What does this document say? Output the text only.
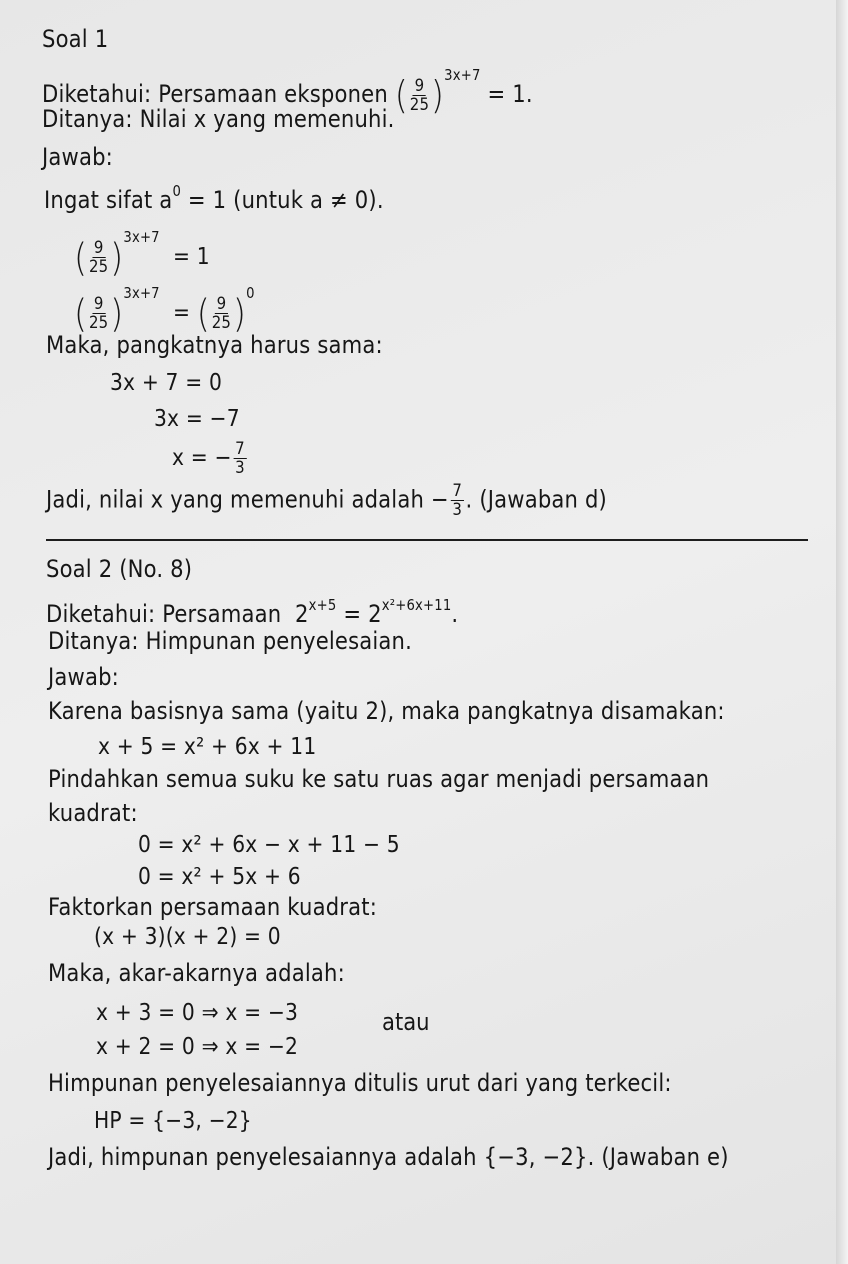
Soal 1
Diketahui: Persamaan eksponen ( $\frac{9}{25} )^{3x+7} = 1$.
Ditanya: Nilai x yang memenuhi.
Jawab:
Ingat sifat $a^0 = 1$ (untuk a ≠ 0).
( $\frac{9}{25} )^{3x+7} = 1$
( $\frac{9}{25} )^{3x+7}$  = ( $\frac{9}{25} )^0$
Maka, pangkatnya harus sama:
3x + 7 = 0
3x = −7
x = − $\frac{7}{3}$
Jadi, nilai x yang memenuhi adalah − $\frac{7}{3}$ . (Jawaban d)
Soal 2 (No. 8)
Diketahui: Persamaan $2^{x+5} = 2^{x^2+6x+11}$.
Ditanya: Himpunan penyelesaian.
Jawab:
Karena basisnya sama (yaitu 2), maka pangkatnya disamakan:
x + 5 = x² + 6x + 11
Pindahkan semua suku ke satu ruas agar menjadi persamaan
kuadrat:
0 = x² + 6x − x + 11 − 5
0 = x² + 5x + 6
Faktorkan persamaan kuadrat:
(x + 3)(x + 2) = 0
Maka, akar-akarnya adalah:
x + 3 = 0 ⇒ x = −3
x + 2 = 0 ⇒ x = −2
atau
Himpunan penyelesaiannya ditulis urut dari yang terkecil:
HP = {−3, −2}
Jadi, himpunan penyelesaiannya adalah {−3, −2}. (Jawaban e)
